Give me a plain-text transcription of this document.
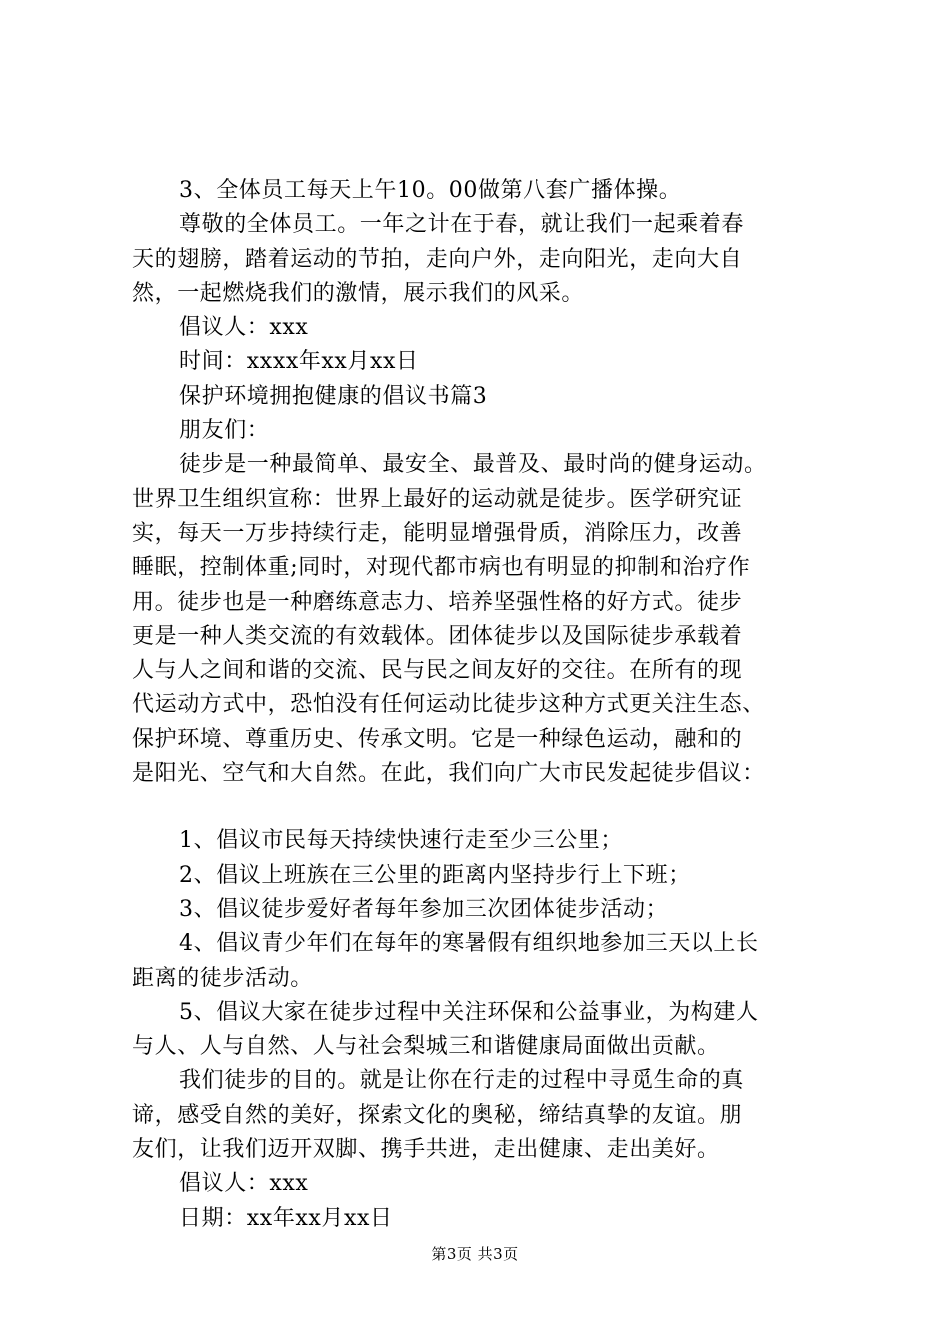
3、全体员工每天上午10。00做第八套广播体操。
尊敬的全体员工。一年之计在于春，就让我们一起乘着春
天的翅膀，踏着运动的节拍，走向户外，走向阳光，走向大自
然，一起燃烧我们的激情，展示我们的风采。
倡议人：xxx
时间：xxxx年xx月xx日
保护环境拥抱健康的倡议书篇3
朋友们：
徒步是一种最简单、最安全、最普及、最时尚的健身运动。
世界卫生组织宣称：世界上最好的运动就是徒步。医学研究证
实，每天一万步持续行走，能明显增强骨质，消除压力，改善
睡眠，控制体重;同时，对现代都市病也有明显的抑制和治疗作
用。徒步也是一种磨练意志力、培养坚强性格的好方式。徒步
更是一种人类交流的有效载体。团体徒步以及国际徒步承载着
人与人之间和谐的交流、民与民之间友好的交往。在所有的现
代运动方式中，恐怕没有任何运动比徒步这种方式更关注生态、
保护环境、尊重历史、传承文明。它是一种绿色运动，融和的
是阳光、空气和大自然。在此，我们向广大市民发起徒步倡议：
1、倡议市民每天持续快速行走至少三公里；
2、倡议上班族在三公里的距离内坚持步行上下班；
3、倡议徒步爱好者每年参加三次团体徒步活动；
4、倡议青少年们在每年的寒暑假有组织地参加三天以上长
距离的徒步活动。
5、倡议大家在徒步过程中关注环保和公益事业，为构建人
与人、人与自然、人与社会梨城三和谐健康局面做出贡献。
我们徒步的目的。就是让你在行走的过程中寻觅生命的真
谛，感受自然的美好，探索文化的奥秘，缔结真挚的友谊。朋
友们，让我们迈开双脚、携手共进，走出健康、走出美好。
倡议人：xxx
日期：xx年xx月xx日
第3页 共3页
